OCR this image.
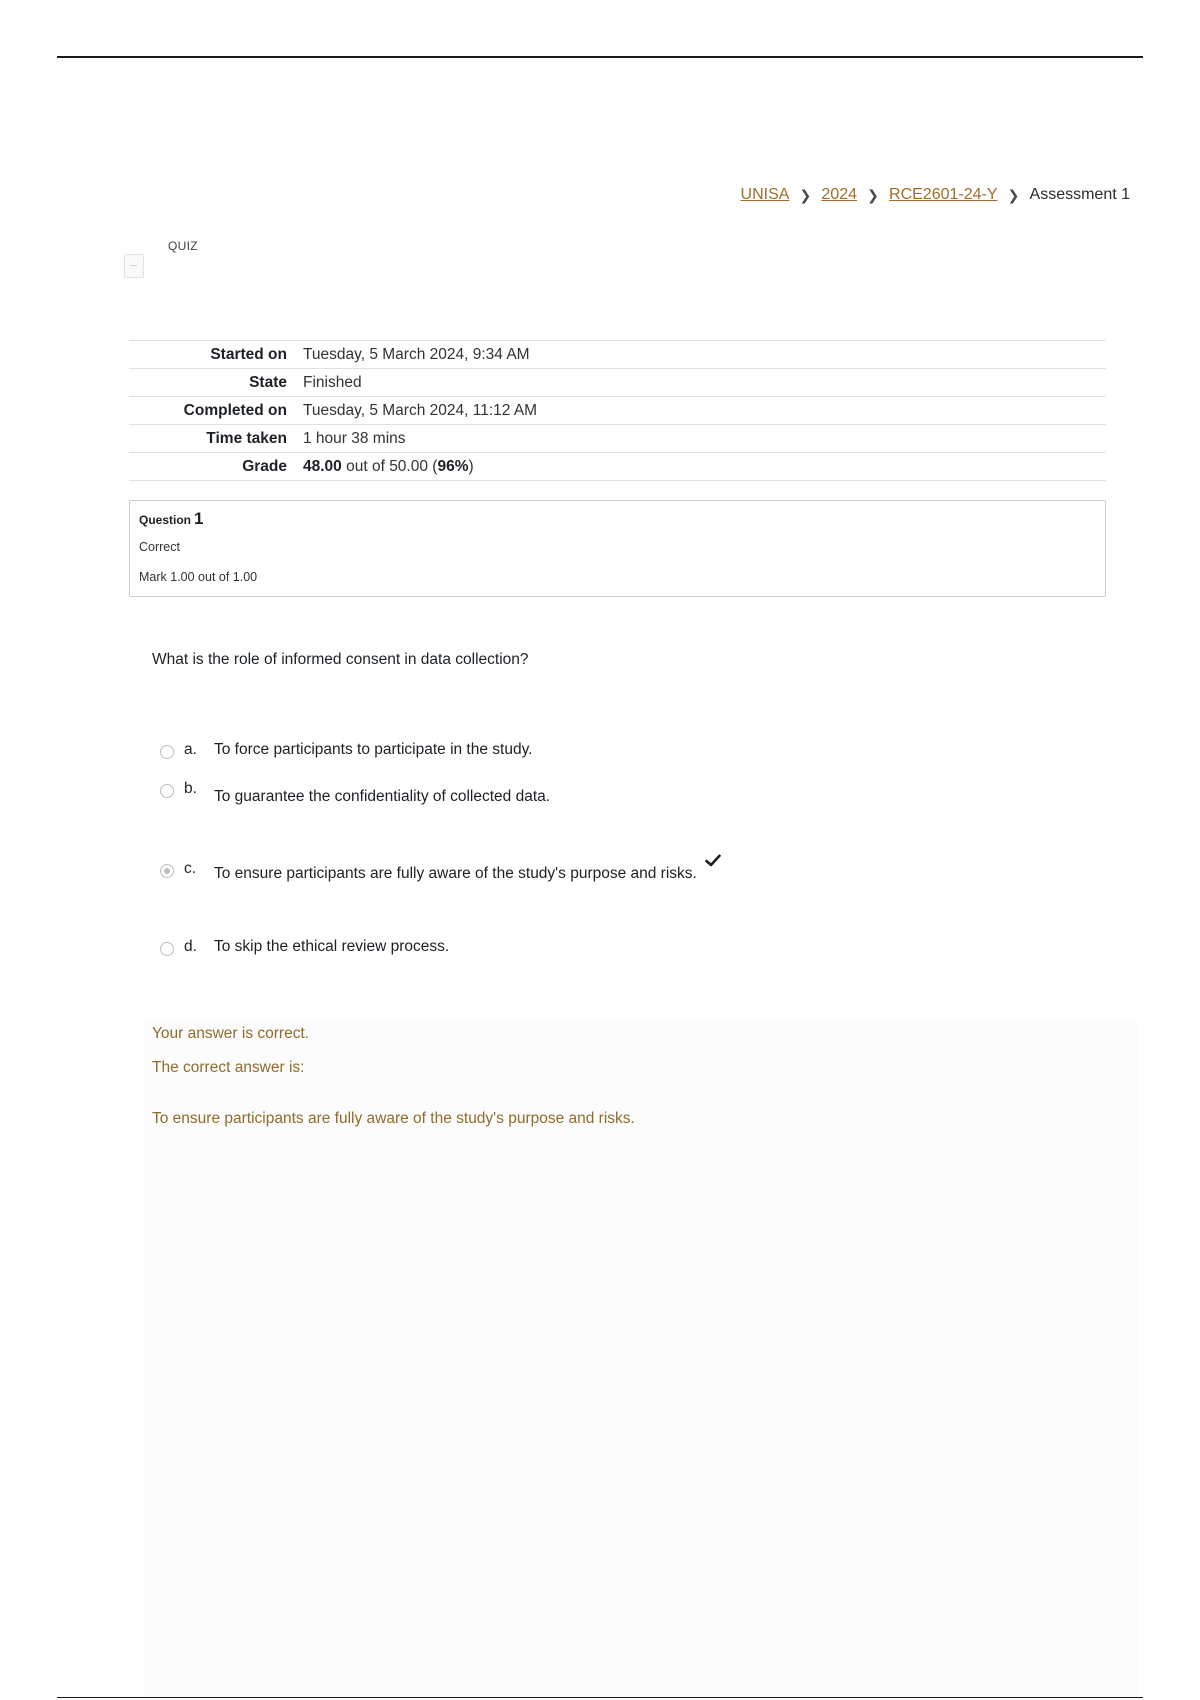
UNISA ❯ 2024 ❯ RCE2601-24-Y ❯ Assessment 1
QUIZ
Started on	Tuesday, 5 March 2024, 9:34 AM
State	Finished
Completed on	Tuesday, 5 March 2024, 11:12 AM
Time taken	1 hour 38 mins
Grade	48.00 out of 50.00 (96%)
Question 1
Correct
Mark 1.00 out of 1.00
What is the role of informed consent in data collection?
a.	To force participants to participate in the study.
b.	To guarantee the confidentiality of collected data.
c.	To ensure participants are fully aware of the study's purpose and risks.
d.	To skip the ethical review process.
Your answer is correct.
The correct answer is:
To ensure participants are fully aware of the study's purpose and risks.
